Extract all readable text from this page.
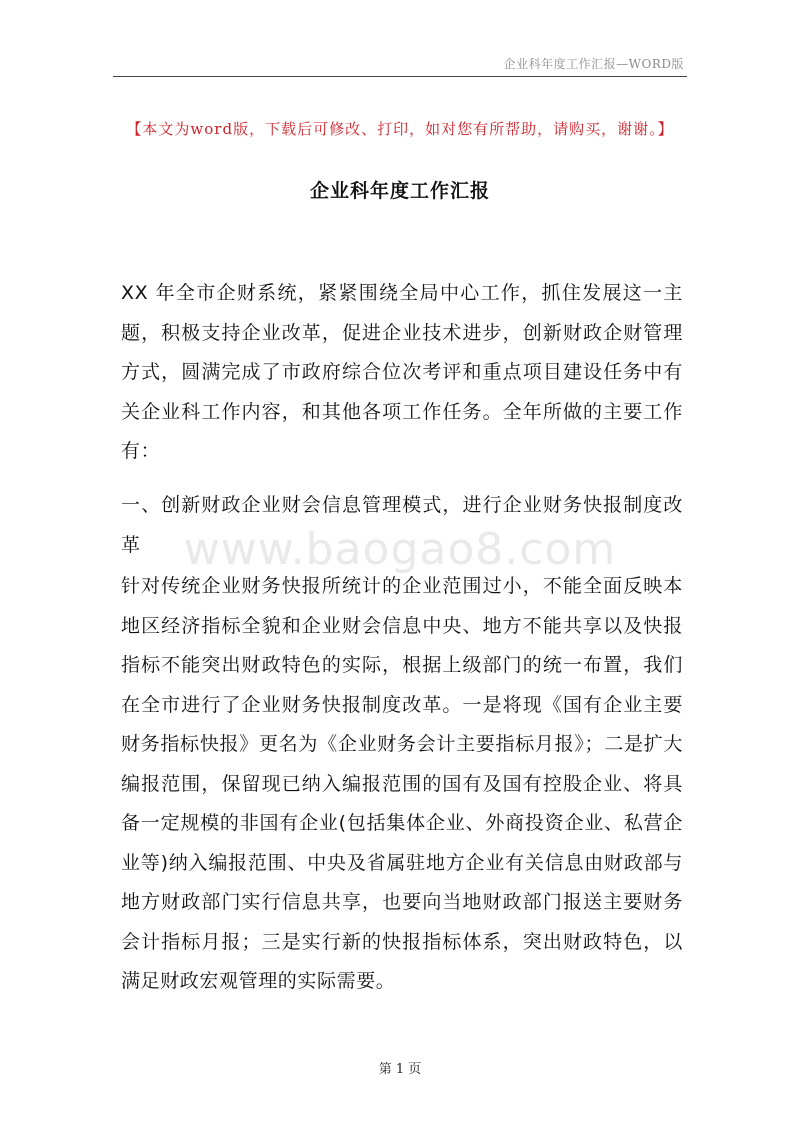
企业科年度工作汇报—WORD版
【本文为word版，下载后可修改、打印，如对您有所帮助，请购买，谢谢。】
企业科年度工作汇报

XX 年全市企财系统，紧紧围绕全局中心工作，抓住发展这一主题，积极支持企业改革，促进企业技术进步，创新财政企财管理方式，圆满完成了市政府综合位次考评和重点项目建设任务中有关企业科工作内容，和其他各项工作任务。全年所做的主要工作有：

一、创新财政企业财会信息管理模式，进行企业财务快报制度改革 www.baogao8.com

针对传统企业财务快报所统计的企业范围过小，不能全面反映本地区经济指标全貌和企业财会信息中央、地方不能共享以及快报指标不能突出财政特色的实际，根据上级部门的统一布置，我们在全市进行了企业财务快报制度改革。一是将现《国有企业主要财务指标快报》更名为《企业财务会计主要指标月报》；二是扩大编报范围，保留现已纳入编报范围的国有及国有控股企业、将具备一定规模的非国有企业(包括集体企业、外商投资企业、私营企业等)纳入编报范围、中央及省属驻地方企业有关信息由财政部与地方财政部门实行信息共享，也要向当地财政部门报送主要财务会计指标月报；三是实行新的快报指标体系，突出财政特色，以满足财政宏观管理的实际需要。

第 1 页
